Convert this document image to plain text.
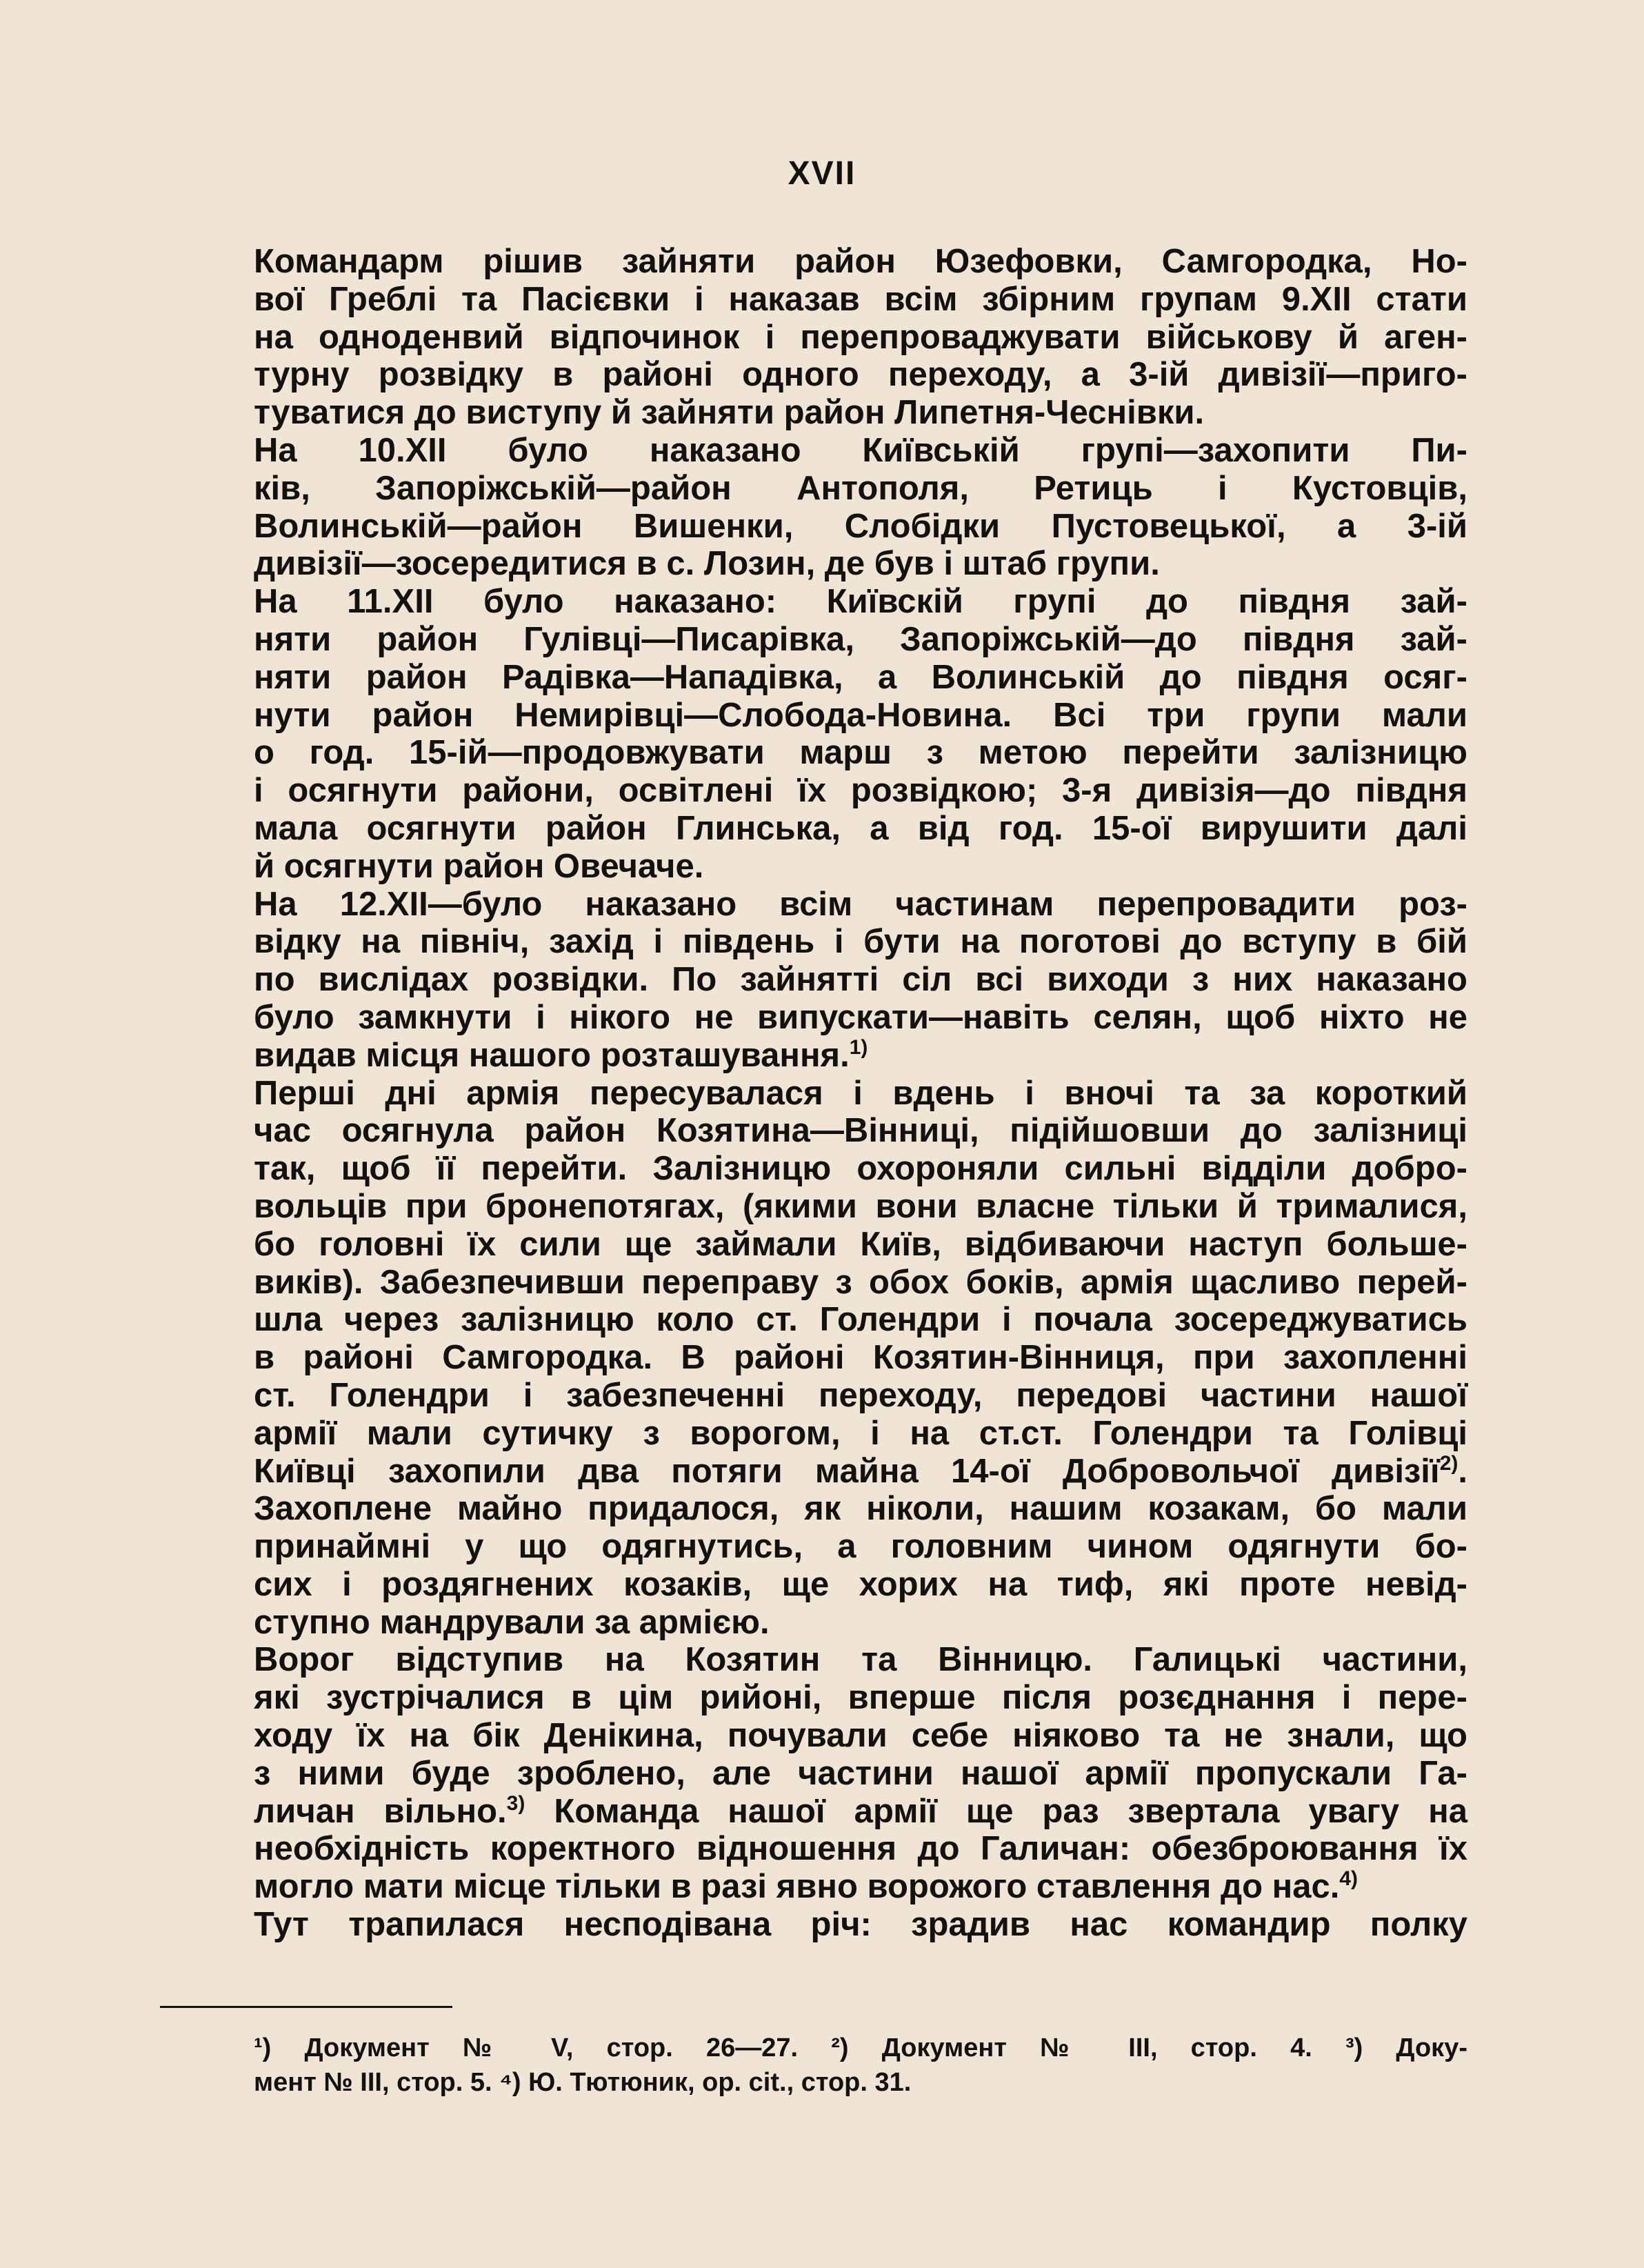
XVII

Командарм рішив зайняти район Юзефовки, Самгородка, Но-

вої Греблі та Пасієвки і наказав всім збірним групам 9.XII стати

на одноденвий відпочинок і перепроваджувати військову й аген-

турну розвідку в районі одного переходу, а 3-ій дивізії—приго-

туватися до виступу й зайняти район Липетня-Чеснівки.

На 10.XII було наказано Київській групі—захопити Пи-

ків, Запоріжській—район Антополя, Ретиць і Кустовців,

Волинській—район Вишенки, Слобідки Пустовецької, а 3-ій

дивізії—зосередитися в с. Лозин, де був і штаб групи.

На 11.XII було наказано: Київскій групі до півдня зай-

няти район Гулівці—Писарівка, Запоріжській—до півдня зай-

няти район Радівка—Нападівка, а Волинській до півдня осяг-

нути район Немирівці—Слобода-Новина. Всі три групи мали

о год. 15-ій—продовжувати марш з метою перейти залізницю

і осягнути райони, освітлені їх розвідкою; 3-я дивізія—до півдня

мала осягнути район Глинська, а від год. 15-ої вирушити далі

й осягнути район Овечаче.

На 12.XII—було наказано всім частинам перепровадити роз-

відку на північ, захід і південь і бути на поготові до вступу в бій

по вислідах розвідки. По зайнятті сіл всі виходи з них наказано

було замкнути і нікого не випускати—навіть селян, щоб ніхто не

видав місця нашого розташування.$^{1)}$

Перші дні армія пересувалася і вдень і вночі та за короткий

час осягнула район Козятина—Вінниці, підійшовши до залізниці

так, щоб її перейти. Залізницю охороняли сильні відділи добро-

вольців при бронепотягах, (якими вони власне тільки й трималися,

бо головні їх сили ще займали Київ, відбиваючи наступ больше-

виків). Забезпечивши переправу з обох боків, армія щасливо перей-

шла через залізницю коло ст. Голендри і почала зосереджуватись

в районі Самгородка. В районі Козятин-Вінниця, при захопленні

ст. Голендри і забезпеченні переходу, передові частини нашої

армії мали сутичку з ворогом, і на ст.ст. Голендри та Голівці

Київці захопили два потяги майна 14-ої Добровольчої дивізії$^{2)}$.

Захоплене майно придалося, як ніколи, нашим козакам, бо мали

принаймні у що одягнутись, а головним чином одягнути бо-

сих і роздягнених козаків, ще хорих на тиф, які проте невід-

ступно мандрували за армією.

Ворог відступив на Козятин та Вінницю. Галицькі частини,

які зустрічалися в цім рийоні, вперше після розєднання і пере-

ходу їх на бік Денікина, почували себе ніяково та не знали, що

з ними буде зроблено, але частини нашої армії пропускали Га-

личан вільно.$^{3)}$ Команда нашої армії ще раз звертала увагу на

необхідність коректного відношення до Галичан: обезброювання їх

могло мати місце тільки в разі явно ворожого ставлення до нас.$^{4)}$

Тут трапилася несподівана річ: зрадив нас командир полку

¹) Документ № V, стор. 26—27. ²) Документ № III, стор. 4. ³) Доку-
мент № III, стор. 5. ⁴) Ю. Тютюник, ор. cit., стор. 31.
